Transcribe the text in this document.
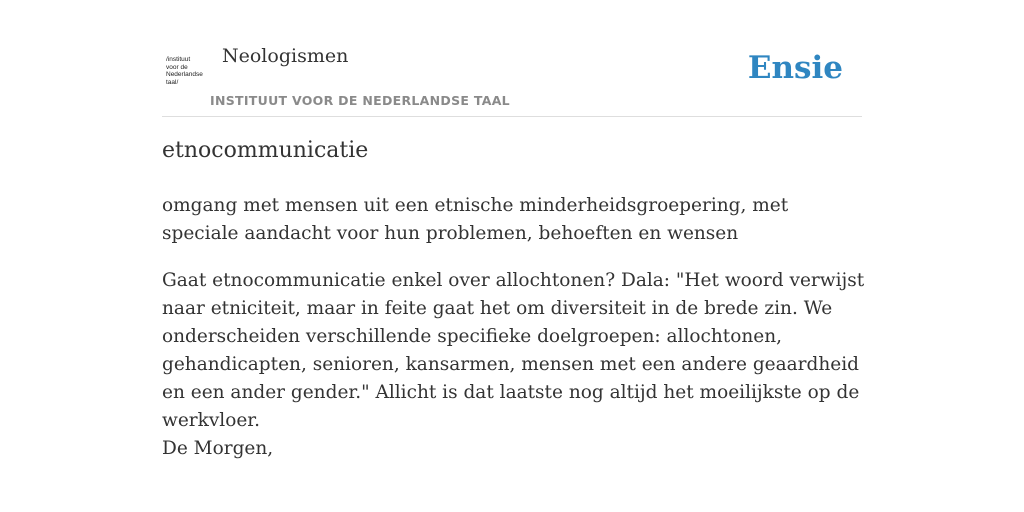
/instituut
voor de
Nederlandse
taal/
Neologismen
INSTITUUT VOOR DE NEDERLANDSE TAAL
Ensie
etnocommunicatie
omgang met mensen uit een etnische minderheidsgroepering, met speciale aandacht voor hun problemen, behoeften en wensen
Gaat etnocommunicatie enkel over allochtonen? Dala: "Het woord verwijst naar etniciteit, maar in feite gaat het om diversiteit in de brede zin. We onderscheiden verschillende specifieke doelgroepen: allochtonen, gehandicapten, senioren, kansarmen, mensen met een andere geaardheid en een ander gender." Allicht is dat laatste nog altijd het moeilijkste op de werkvloer.
De Morgen,
